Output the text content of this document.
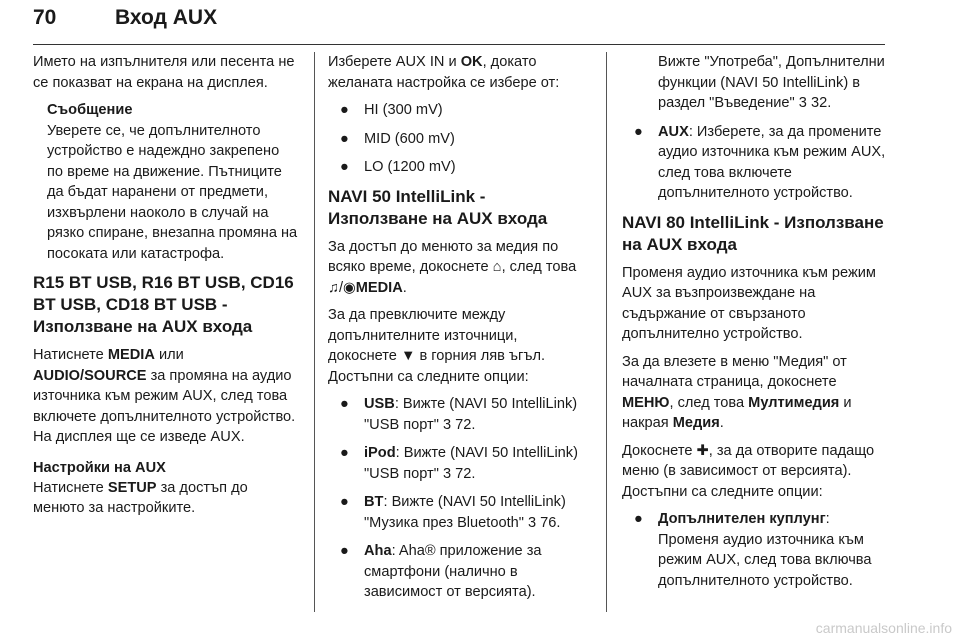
70	Вход AUX

Името на изпълнителя или песента не се показват на екрана на дисплея.

Съобщение
Уверете се, че допълнителното устройство е надеждно закрепено по време на движение. Пътниците да бъдат наранени от предмети, изхвърлени наоколо в случай на рязко спиране, внезапна промяна на посоката или катастрофа.
R15 BT USB, R16 BT USB, CD16 BT USB, CD18 BT USB - Използване на AUX входа

Натиснете MEDIA или AUDIO/SOURCE за промяна на аудио източника към режим AUX, след това включете допълнителното устройство. На дисплея ще се изведе AUX.

Настройки на AUX

Натиснете SETUP за достъп до менюто за настройките.

Изберете AUX IN и OK, докато желаната настройка се избере от:

● HI (300 mV)
● MID (600 mV)
● LO (1200 mV)
NAVI 50 IntelliLink - Използване на AUX входа

За достъп до менюто за медия по всяко време, докоснете ⌂, след това ♫/◉MEDIA.

За да превключите между допълнителните източници, докоснете ▼ в горния ляв ъгъл. Достъпни са следните опции:

● USB: Вижте (NAVI 50 IntelliLink) "USB порт" 3 72.
● iPod: Вижте (NAVI 50 IntelliLink) "USB порт" 3 72.
● BT: Вижте (NAVI 50 IntelliLink) "Музика през Bluetooth" 3 76.
● Aha: Aha® приложение за смартфони (налично в зависимост от версията).
Вижте "Употреба", Допълнителни функции (NAVI 50 IntelliLink) в раздел "Въведение" 3 32.
● AUX: Изберете, за да промените аудио източника към режим AUX, след това включете допълнителното устройство.
NAVI 80 IntelliLink - Използване на AUX входа

Променя аудио източника към режим AUX за възпроизвеждане на съдържание от свързаното допълнително устройство.

За да влезете в меню "Медия" от началната страница, докоснете МЕНЮ, след това Мултимедия и накрая Медия.

Докоснете ✚, за да отворите падащо меню (в зависимост от версията). Достъпни са следните опции:

● Допълнителен куплунг:
Променя аудио източника към режим AUX, след това включва допълнителното устройство.
carmanualsonline.info
